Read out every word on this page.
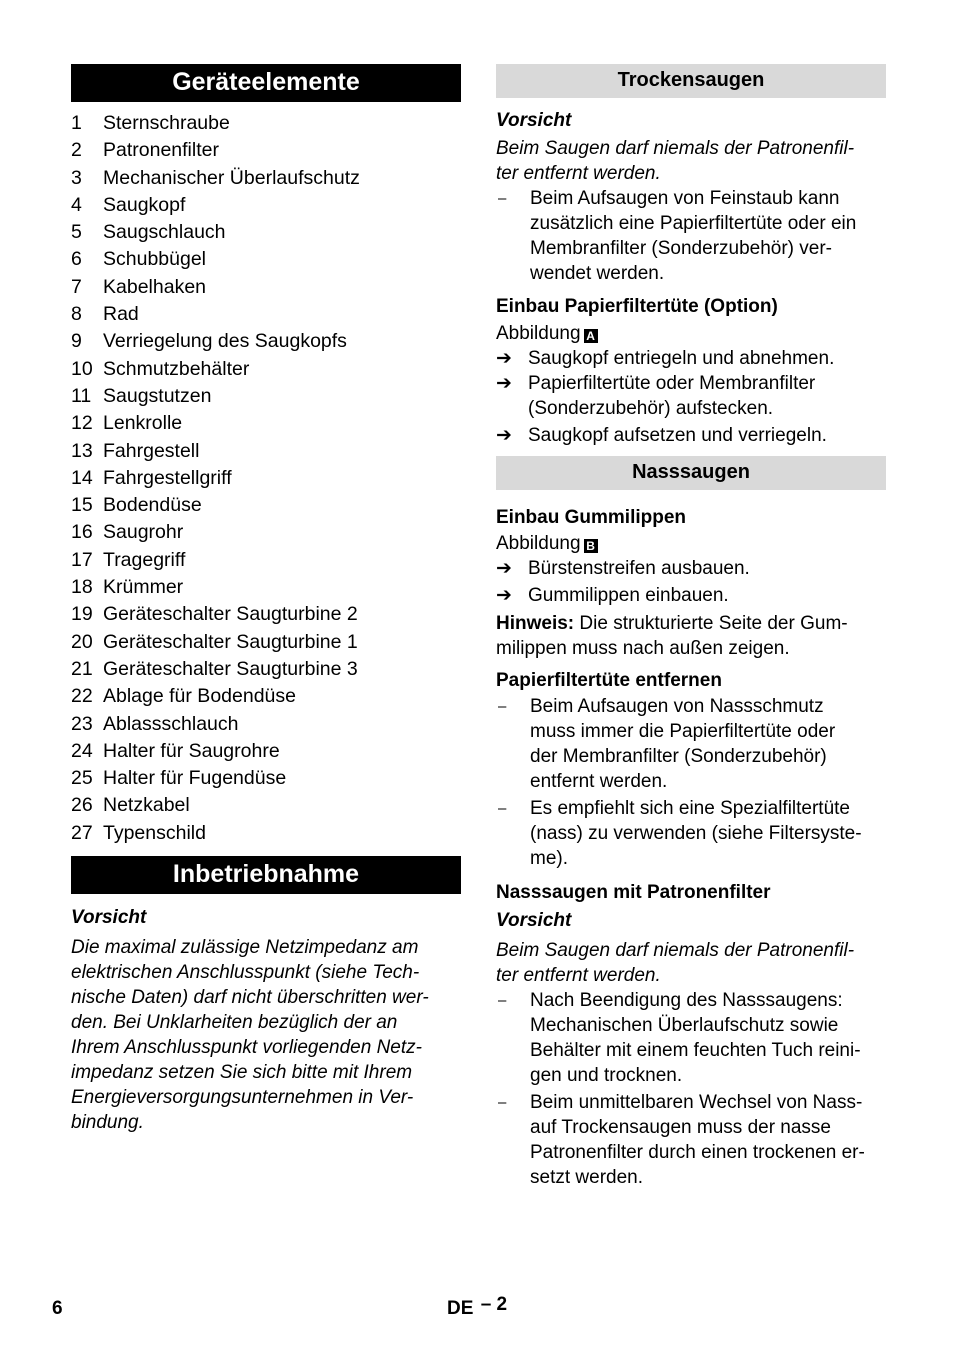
Geräteelemente
1 Sternschraube
2 Patronenfilter
3 Mechanischer Überlaufschutz
4 Saugkopf
5 Saugschlauch
6 Schubbügel
7 Kabelhaken
8 Rad
9 Verriegelung des Saugkopfs
10 Schmutzbehälter
11 Saugstutzen
12 Lenkrolle
13 Fahrgestell
14 Fahrgestellgriff
15 Bodendüse
16 Saugrohr
17 Tragegriff
18 Krümmer
19 Geräteschalter Saugturbine 2
20 Geräteschalter Saugturbine 1
21 Geräteschalter Saugturbine 3
22 Ablage für Bodendüse
23 Ablassschlauch
24 Halter für Saugrohre
25 Halter für Fugendüse
26 Netzkabel
27 Typenschild
Inbetriebnahme

Vorsicht

Die maximal zulässige Netzimpedanz am

elektrischen Anschlusspunkt (siehe Tech-

nische Daten) darf nicht überschritten wer-

den. Bei Unklarheiten bezüglich der an

Ihrem Anschlusspunkt vorliegenden Netz-

impedanz setzen Sie sich bitte mit Ihrem

Energieversorgungsunternehmen in Ver-

bindung.

Trockensaugen

Vorsicht

Beim Saugen darf niemals der Patronenfil-

ter entfernt werden.

–	Beim Aufsaugen von Feinstaub kann
zusätzlich eine Papierfiltertüte oder ein
Membranfilter (Sonderzubehör) ver-
wendet werden.

Einbau Papierfiltertüte (Option)

Abbildung A

➔ Saugkopf entriegeln und abnehmen.
➔ Papierfiltertüte oder Membranfilter
(Sonderzubehör) aufstecken.
➔ Saugkopf aufsetzen und verriegeln.
Nasssaugen

Einbau Gummilippen

Abbildung B

➔ Bürstenstreifen ausbauen.
➔ Gummilippen einbauen.

Hinweis: Die strukturierte Seite der Gum-

milippen muss nach außen zeigen.

Papierfiltertüte entfernen

–	Beim Aufsaugen von Nassschmutz
muss immer die Papierfiltertüte oder
der Membranfilter (Sonderzubehör)
entfernt werden.
–	Es empfiehlt sich eine Spezialfiltertüte
(nass) zu verwenden (siehe Filtersyste-
me).

Nasssaugen mit Patronenfilter

Vorsicht

Beim Saugen darf niemals der Patronenfil-

ter entfernt werden.

–	Nach Beendigung des Nasssaugens:
Mechanischen Überlaufschutz sowie
Behälter mit einem feuchten Tuch reini-
gen und trocknen.
–	Beim unmittelbaren Wechsel von Nass-
auf Trockensaugen muss der nasse
Patronenfilter durch einen trockenen er-
setzt werden.
6	DE – 2
